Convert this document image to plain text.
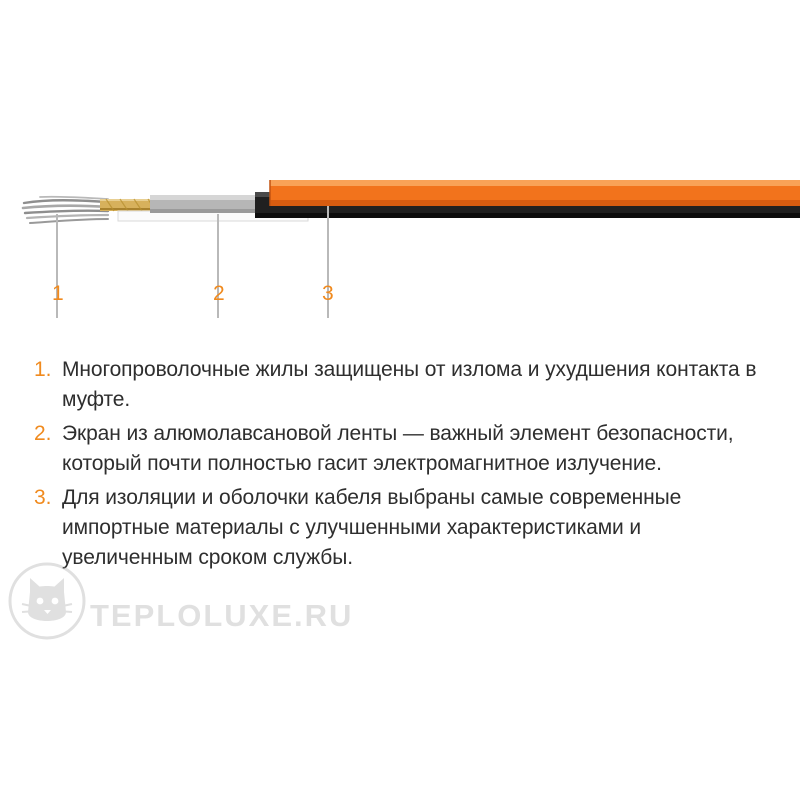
1	2	3
1. Многопроволочные жилы защищены от излома и ухудшения контакта в муфте.
2. Экран из алюмолавсановой ленты — важный элемент безопасности, который почти полностью гасит электромагнитное излучение.
3. Для изоляции и оболочки кабеля выбраны самые современные импортные материалы с улучшенными характеристиками и увеличенным сроком службы.
TEPLOLUXE.RU
